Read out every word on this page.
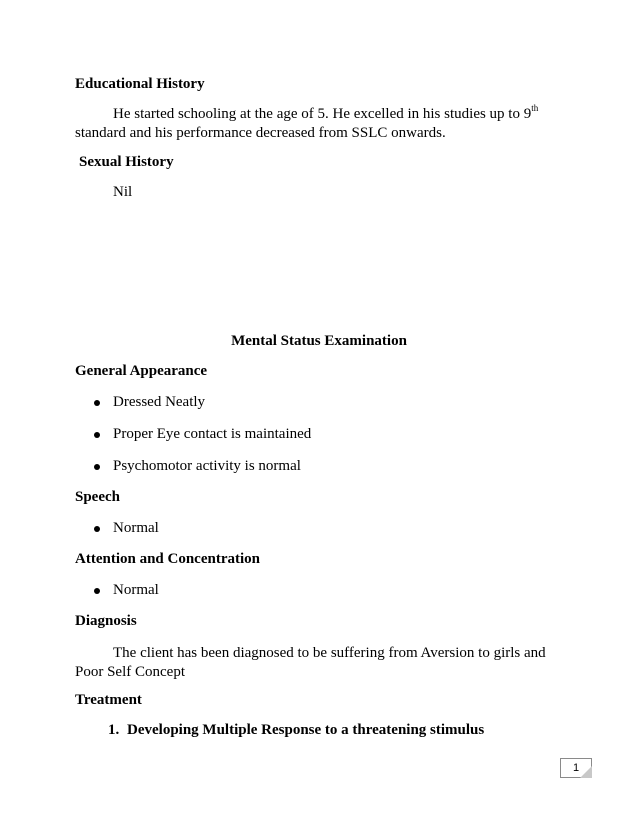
Educational History
He started schooling at the age of 5. He excelled in his studies up to 9th
standard and his performance decreased from SSLC onwards.
Sexual History
Nil
Mental Status Examination
General Appearance
Dressed Neatly
Proper Eye contact is maintained
Psychomotor activity is normal
Speech
Normal
Attention and Concentration
Normal
Diagnosis
The client has been diagnosed to be suffering from Aversion to girls and
Poor Self Concept
Treatment
1. Developing Multiple Response to a threatening stimulus
1
